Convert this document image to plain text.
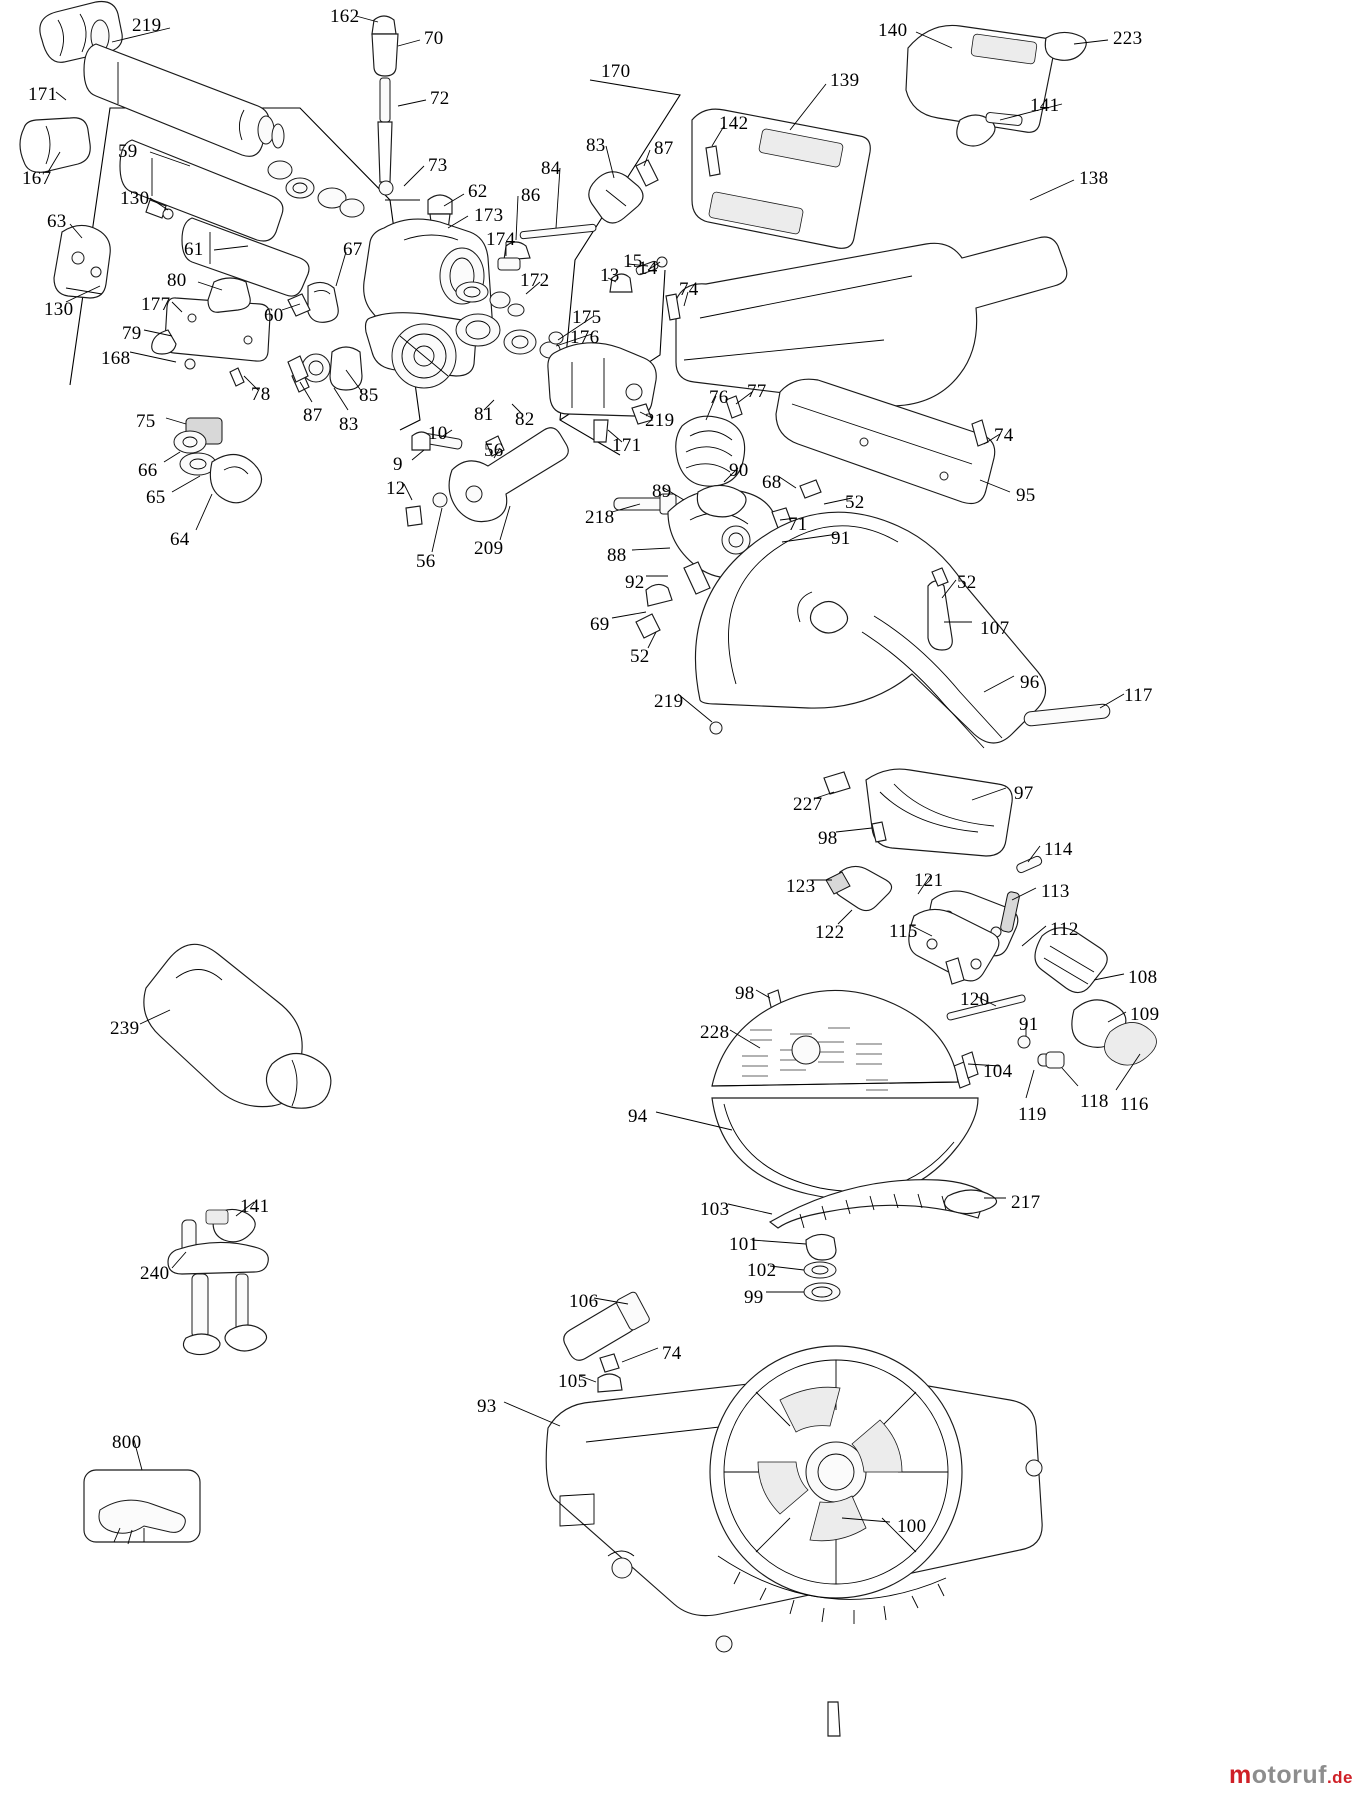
219	162
70	140	223
171	72
170	139
141
167
59
73	84
83	87
142
138
130	62
173
86
63
61	67	174
14
80	172	13
15
74
130	177
60	175
79	176
168
85
78
87 83	81 82	219
76 77
74
75
66
10
56	171
90
68
52	95
65
9
12	89
71
91
64
218
88
56
209
92	52
69	107
52
96
117
219
227
97
98
114
123	121
113
122 115	112
108
239
98	120
109
228	91
104
116
119
118
94
103	217
141
101
102
240
99
106
74
105
93
800
100
motoruf.de
